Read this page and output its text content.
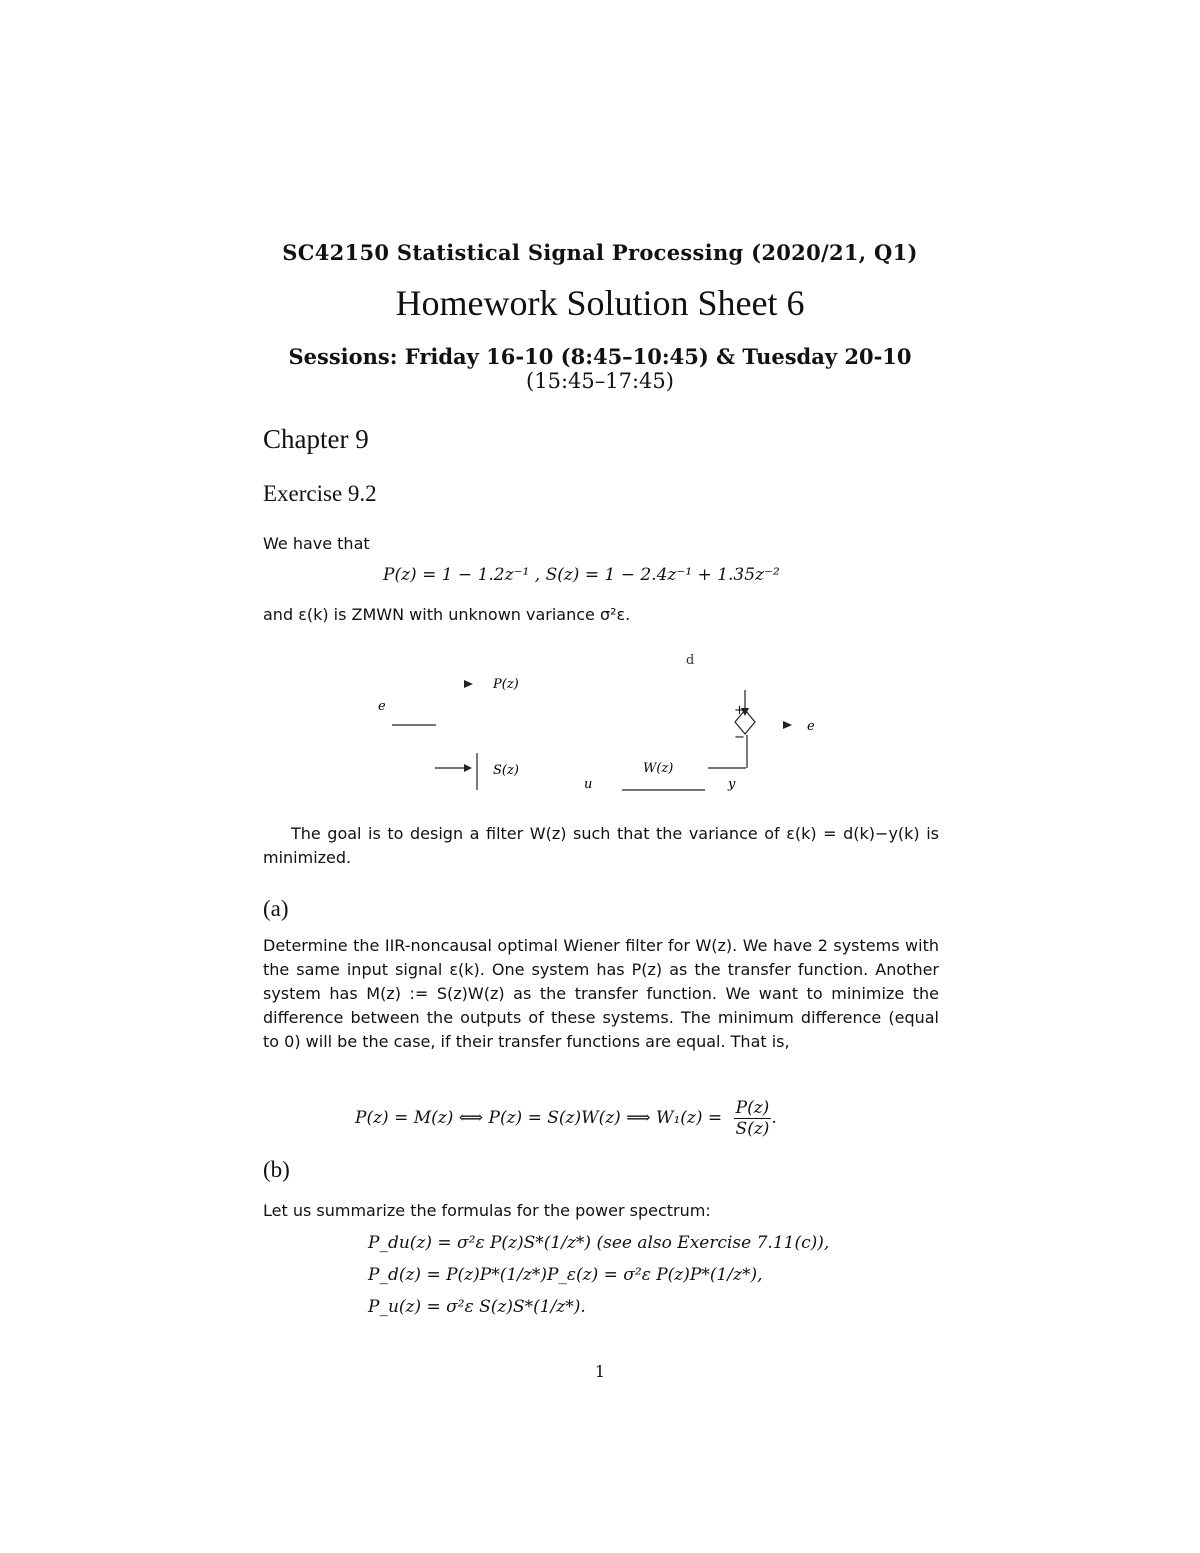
SC42150 Statistical Signal Processing (2020/21, Q1)
Homework Solution Sheet 6
Sessions: Friday 16-10 (8:45–10:45) & Tuesday 20-10
(15:45–17:45)
Chapter 9
Exercise 9.2
We have that
P(z) = 1 − 1.2z⁻¹ , S(z) = 1 − 2.4z⁻¹ + 1.35z⁻²
and ε(k) is ZMWN with unknown variance σ²ε.
d
P(z)
e
S(z)	W(z)
u	y
e
+
−
The goal is to design a filter W(z) such that the variance of ε(k) = d(k)−y(k) is minimized.
(a)
Determine the IIR-noncausal optimal Wiener filter for W(z). We have 2 systems with the same input signal ε(k). One system has P(z) as the transfer function. Another system has M(z) := S(z)W(z) as the transfer function. We want to minimize the difference between the outputs of these systems. The minimum difference (equal to 0) will be the case, if their transfer functions are equal. That is,
P(z) = M(z) ⟺ P(z) = S(z)W(z) ⟹ $W_1(z) = \frac{P(z)}{S(z)}$ .
(b)
Let us summarize the formulas for the power spectrum:
P_du(z) = σ²ε P(z)S*(1/z*) (see also Exercise 7.11(c)),
P_d(z) = P(z)P*(1/z*)P_ε(z) = σ²ε P(z)P*(1/z*),
P_u(z) = σ²ε S(z)S*(1/z*).
1
